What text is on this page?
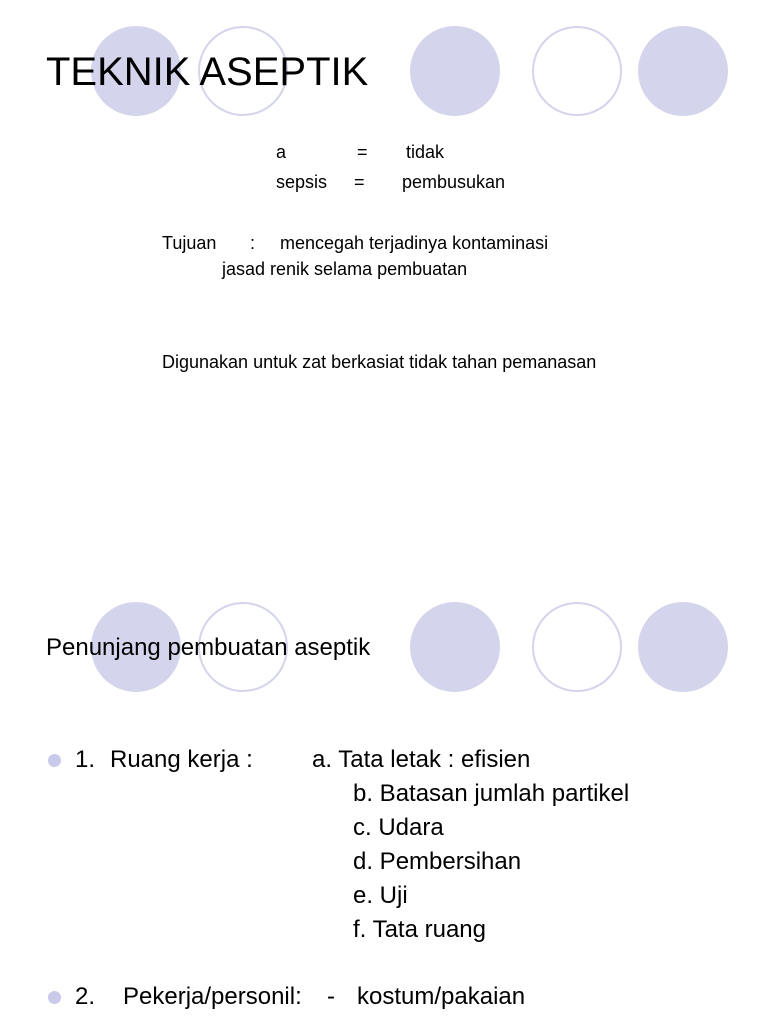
TEKNIK ASEPTIK
a	= tidak
sepsis = pembusukan
Tujuan : mencegah terjadinya kontaminasi
jasad renik selama pembuatan
Digunakan untuk zat berkasiat tidak tahan pemanasan
Penunjang pembuatan aseptik
1. Ruang kerja : a. Tata letak : efisien
b. Batasan jumlah partikel
c. Udara
d. Pembersihan
e. Uji
f. Tata ruang
2. Pekerja/personil: - kostum/pakaian
